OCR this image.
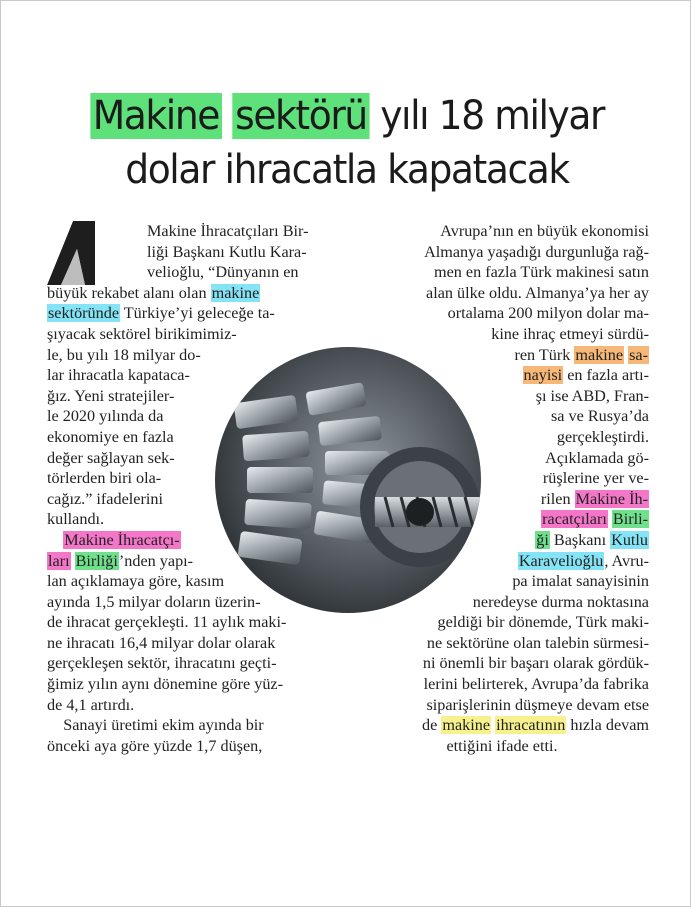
Makine sektörü yılı 18 milyar
dolar ihracatla kapatacak
Makine İhracatçıları Bir-
liği Başkanı Kutlu Kara-
velioğlu, “Dünyanın en
büyük rekabet alanı olan makine
sektöründe Türkiye’yi geleceğe ta-
şıyacak sektörel birikimimiz-
le, bu yılı 18 milyar do-
lar ihracatla kapataca-
ğız. Yeni stratejiler-
le 2020 yılında da
ekonomiye en fazla
değer sağlayan sek-
törlerden biri ola-
cağız.” ifadelerini
kullandı.
Makine İhracatçı-
ları Birliği’nden yapı-
lan açıklamaya göre, kasım
ayında 1,5 milyar doların üzerin-
de ihracat gerçekleşti. 11 aylık maki-
ne ihracatı 16,4 milyar dolar olarak
gerçekleşen sektör, ihracatını geçti-
ğimiz yılın aynı dönemine göre yüz-
de 4,1 artırdı.
Sanayi üretimi ekim ayında bir
önceki aya göre yüzde 1,7 düşen,
Avrupa’nın en büyük ekonomisi
Almanya yaşadığı durgunluğa rağ-
men en fazla Türk makinesi satın
alan ülke oldu. Almanya’ya her ay
ortalama 200 milyon dolar ma-
kine ihraç etmeyi sürdü-
ren Türk makine sa-
nayisi en fazla artı-
şı ise ABD, Fran-
sa ve Rusya’da
gerçekleştirdi.
Açıklamada gö-
rüşlerine yer ve-
rilen Makine İh-
racatçıları Birli-
ği Başkanı Kutlu
Karavelioğlu, Avru-
pa imalat sanayisinin
neredeyse durma noktasına
geldiği bir dönemde, Türk maki-
ne sektörüne olan talebin sürmesi-
ni önemli bir başarı olarak gördük-
lerini belirterek, Avrupa’da fabrika
siparişlerinin düşmeye devam etse
de makine ihracatının hızla devam
ettiğini ifade etti.
